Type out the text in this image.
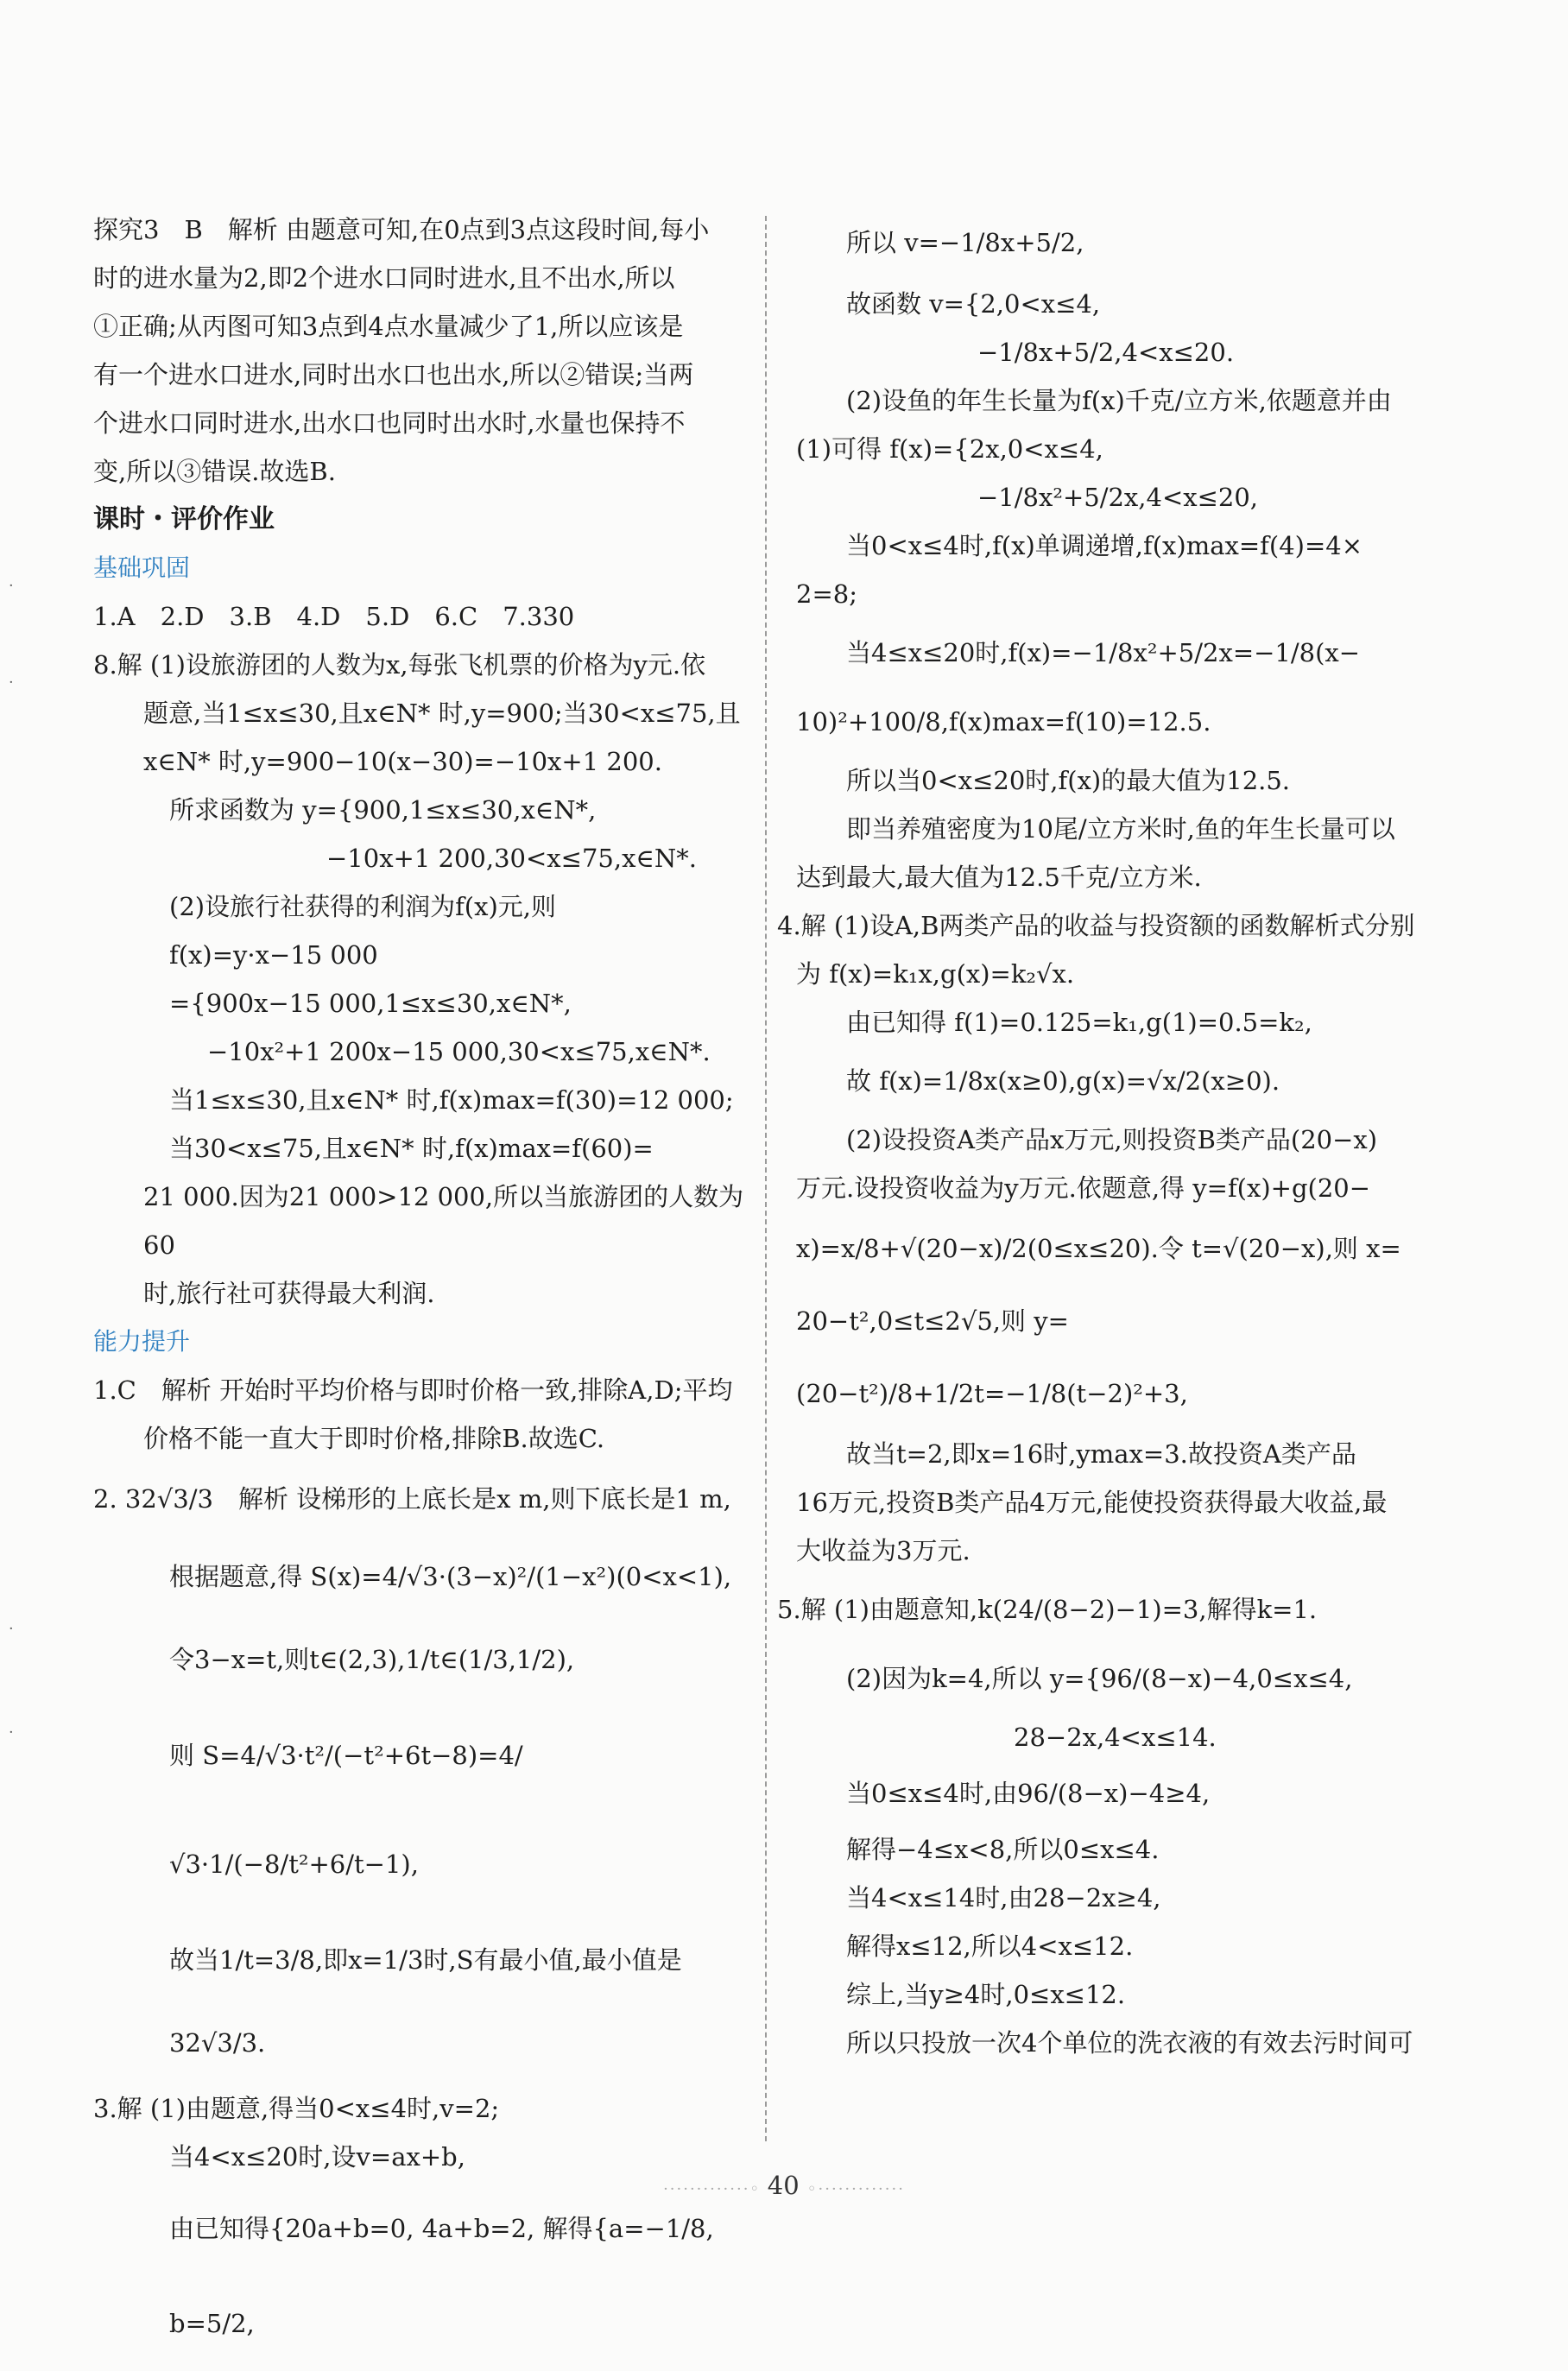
·
·
·
·
探究3　B　解析 由题意可知,在0点到3点这段时间,每小
时的进水量为2,即2个进水口同时进水,且不出水,所以
①正确;从丙图可知3点到4点水量减少了1,所以应该是
有一个进水口进水,同时出水口也出水,所以②错误;当两
个进水口同时进水,出水口也同时出水时,水量也保持不
变,所以③错误.故选B.
课时・评价作业
基础巩固
1.A　2.D　3.B　4.D　5.D　6.C　7.330
8.解 (1)设旅游团的人数为x,每张飞机票的价格为y元.依
题意,当1≤x≤30,且x∈N* 时,y=900;当30<x≤75,且
x∈N* 时,y=900−10(x−30)=−10x+1 200.
所求函数为 y={900,1≤x≤30,x∈N*,
−10x+1 200,30<x≤75,x∈N*.
(2)设旅行社获得的利润为f(x)元,则
f(x)=y·x−15 000
={900x−15 000,1≤x≤30,x∈N*,
−10x²+1 200x−15 000,30<x≤75,x∈N*.
当1≤x≤30,且x∈N* 时,f(x)max=f(30)=12 000;
当30<x≤75,且x∈N* 时,f(x)max=f(60)=
21 000.因为21 000>12 000,所以当旅游团的人数为60
时,旅行社可获得最大利润.
能力提升
1.C　解析 开始时平均价格与即时价格一致,排除A,D;平均
价格不能一直大于即时价格,排除B.故选C.
2. 32√3/3　解析 设梯形的上底长是x m,则下底长是1 m,
根据题意,得 S(x)=4/√3·(3−x)²/(1−x²)(0<x<1),
令3−x=t,则t∈(2,3),1/t∈(1/3,1/2),
则 S=4/√3·t²/(−t²+6t−8)=4/√3·1/(−8/t²+6/t−1),
故当1/t=3/8,即x=1/3时,S有最小值,最小值是32√3/3.
3.解 (1)由题意,得当0<x≤4时,v=2;
当4<x≤20时,设v=ax+b,
由已知得{20a+b=0, 4a+b=2, 解得{a=−1/8, b=5/2,
所以 v=−1/8x+5/2,
故函数 v={2,0<x≤4,
−1/8x+5/2,4<x≤20.
(2)设鱼的年生长量为f(x)千克/立方米,依题意并由
(1)可得 f(x)={2x,0<x≤4,
−1/8x²+5/2x,4<x≤20,
当0<x≤4时,f(x)单调递增,f(x)max=f(4)=4×
2=8;
当4≤x≤20时,f(x)=−1/8x²+5/2x=−1/8(x−
10)²+100/8,f(x)max=f(10)=12.5.
所以当0<x≤20时,f(x)的最大值为12.5.
即当养殖密度为10尾/立方米时,鱼的年生长量可以
达到最大,最大值为12.5千克/立方米.
4.解 (1)设A,B两类产品的收益与投资额的函数解析式分别
为 f(x)=k₁x,g(x)=k₂√x.
由已知得 f(1)=0.125=k₁,g(1)=0.5=k₂,
故 f(x)=1/8x(x≥0),g(x)=√x/2(x≥0).
(2)设投资A类产品x万元,则投资B类产品(20−x)
万元.设投资收益为y万元.依题意,得 y=f(x)+g(20−
x)=x/8+√(20−x)/2(0≤x≤20).令 t=√(20−x),则 x=
20−t²,0≤t≤2√5,则 y=(20−t²)/8+1/2t=−1/8(t−2)²+3,
故当t=2,即x=16时,ymax=3.故投资A类产品
16万元,投资B类产品4万元,能使投资获得最大收益,最
大收益为3万元.
5.解 (1)由题意知,k(24/(8−2)−1)=3,解得k=1.
(2)因为k=4,所以 y={96/(8−x)−4,0≤x≤4,
28−2x,4<x≤14.
当0≤x≤4时,由96/(8−x)−4≥4,
解得−4≤x<8,所以0≤x≤4.
当4<x≤14时,由28−2x≥4,
解得x≤12,所以4<x≤12.
综上,当y≥4时,0≤x≤12.
所以只投放一次4个单位的洗衣液的有效去污时间可
·············◦ 40 ◦·············
